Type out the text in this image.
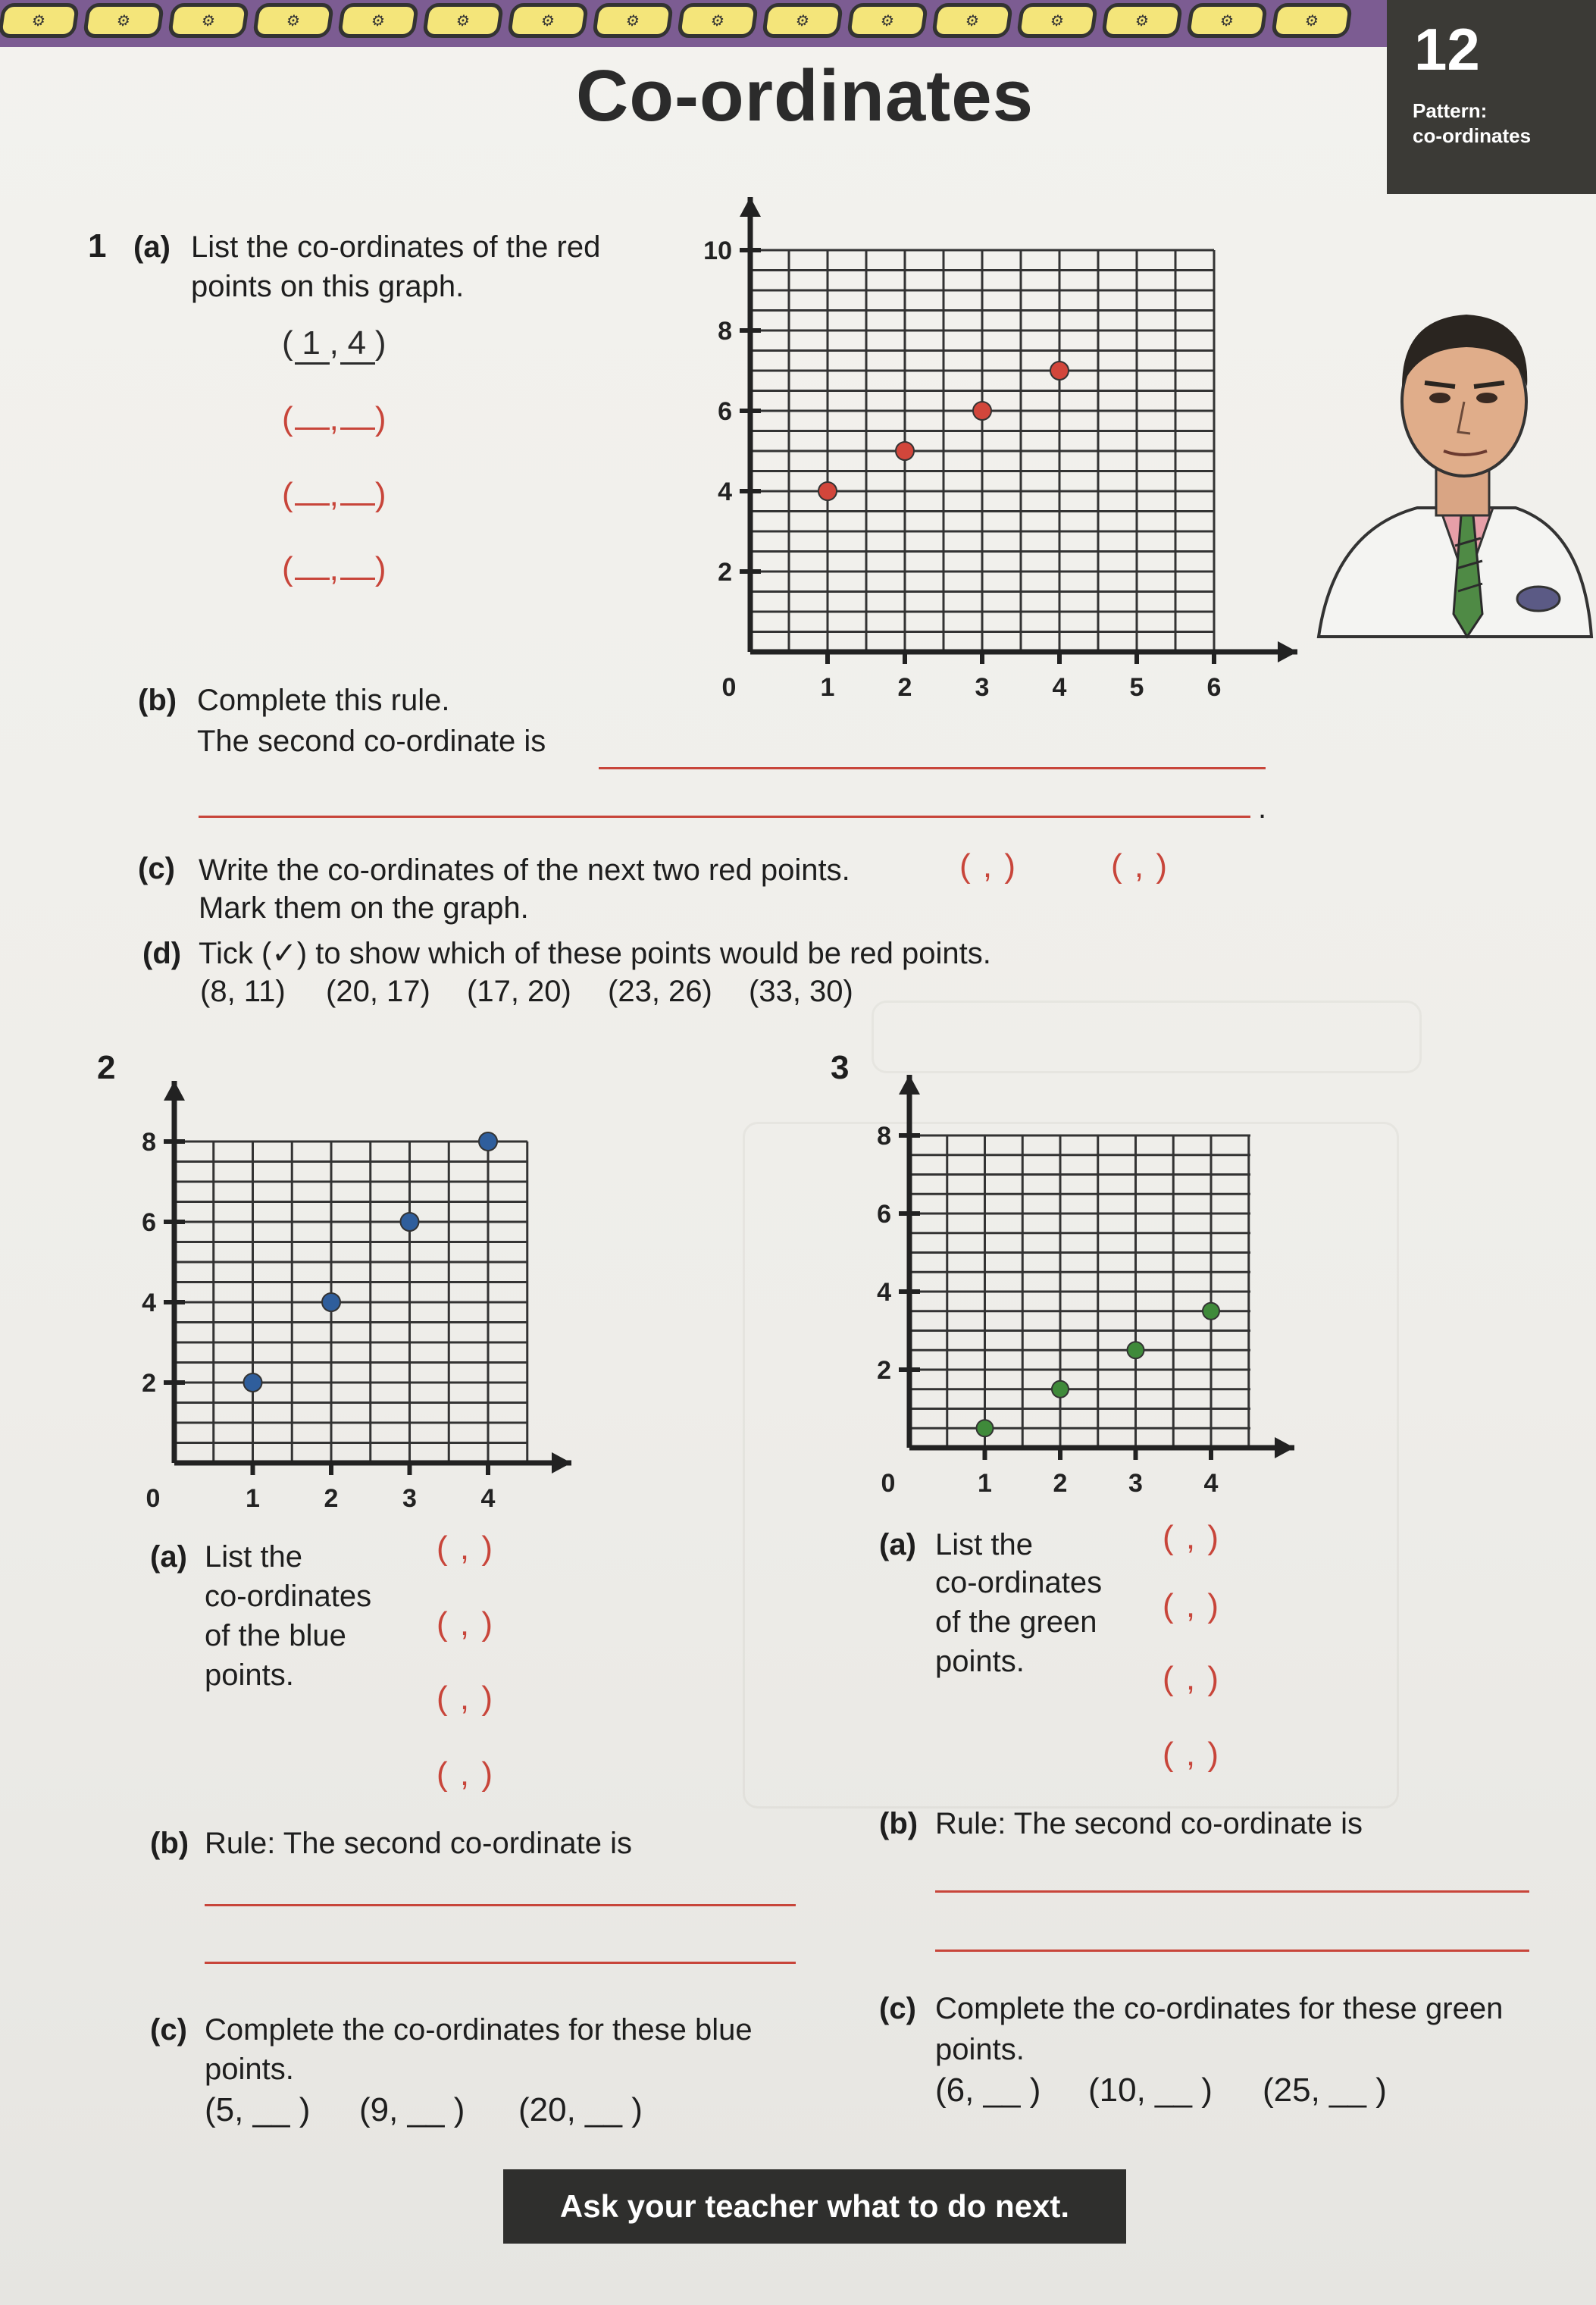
⚙	⚙	⚙	⚙	⚙	⚙	⚙	⚙	⚙	⚙	⚙	⚙	⚙	⚙	⚙	⚙	12
Pattern:
co-ordinates
Co-ordinates
1 (a) List the co-ordinates of the red
points on this graph.
( 1 , 4 )
( , )
( , )
( , )
0	1 2 3 4 5 6
2
4
6
8
10
(b) Complete this rule.
The second co-ordinate is
.
(c) Write the co-ordinates of the next two red points.
Mark them on the graph.
( , )	( , )
(d) Tick (✓) to show which of these points would be red points.
(8, 11) (20, 17) (17, 20) (23, 26) (33, 30)
2
0	1 2 3 4
2
4
6
8
(a) List the
co-ordinates
of the blue
points.
( , )
( , )
( , )
( , )
(b) Rule: The second co-ordinate is
(c) Complete the co-ordinates for these blue
points.
(5, __ ) (9, __ ) (20, __ )
3
0	1 2 3 4
2
4
6
8
(a) List the
co-ordinates
of the green
points.
( , )
( , )
( , )
( , )
(b) Rule: The second co-ordinate is
(c) Complete the co-ordinates for these green
points.
(6, __ ) (10, __ ) (25, __ )
Ask your teacher what to do next.
